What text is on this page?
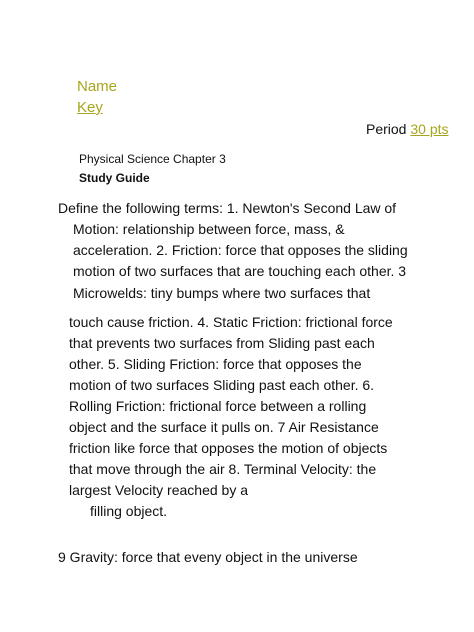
Name
Key
Period 30 pts
Physical Science Chapter 3
Study Guide
Define the following terms: 1. Newton's Second Law of
Motion: relationship between force, mass, &
acceleration. 2. Friction: force that opposes the sliding
motion of two surfaces that are touching each other. 3
Microwelds: tiny bumps where two surfaces that
touch cause friction. 4. Static Friction: frictional force
that prevents two surfaces from Sliding past each
other. 5. Sliding Friction: force that opposes the
motion of two surfaces Sliding past each other. 6.
Rolling Friction: frictional force between a rolling
object and the surface it pulls on. 7 Air Resistance
friction like force that opposes the motion of objects
that move through the air 8. Terminal Velocity: the
largest Velocity reached by a
filling object.
9 Gravity: force that eveny object in the universe
